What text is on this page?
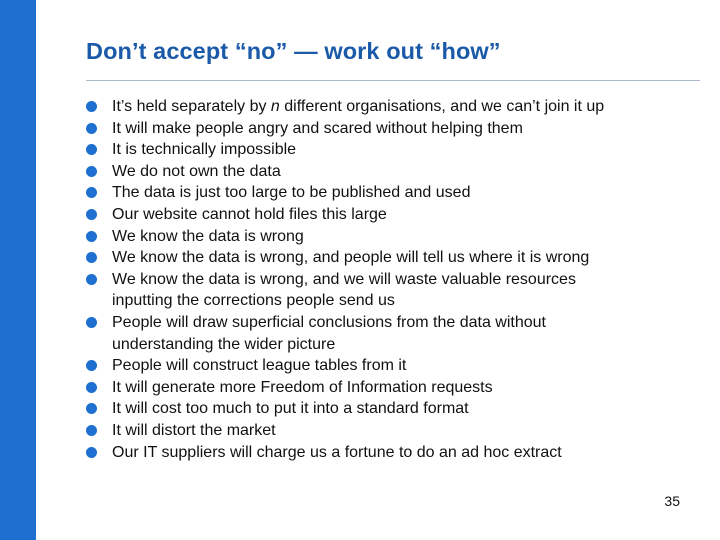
Don’t accept “no” — work out “how”
It’s held separately by n different organisations, and we can’t join it up
It will make people angry and scared without helping them
It is technically impossible
We do not own the data
The data is just too large to be published and used
Our website cannot hold files this large
We know the data is wrong
We know the data is wrong, and people will tell us where it is wrong
We know the data is wrong, and we will waste valuable resources
inputting the corrections people send us
People will draw superficial conclusions from the data without
understanding the wider picture
People will construct league tables from it
It will generate more Freedom of Information requests
It will cost too much to put it into a standard format
It will distort the market
Our IT suppliers will charge us a fortune to do an ad hoc extract
35
